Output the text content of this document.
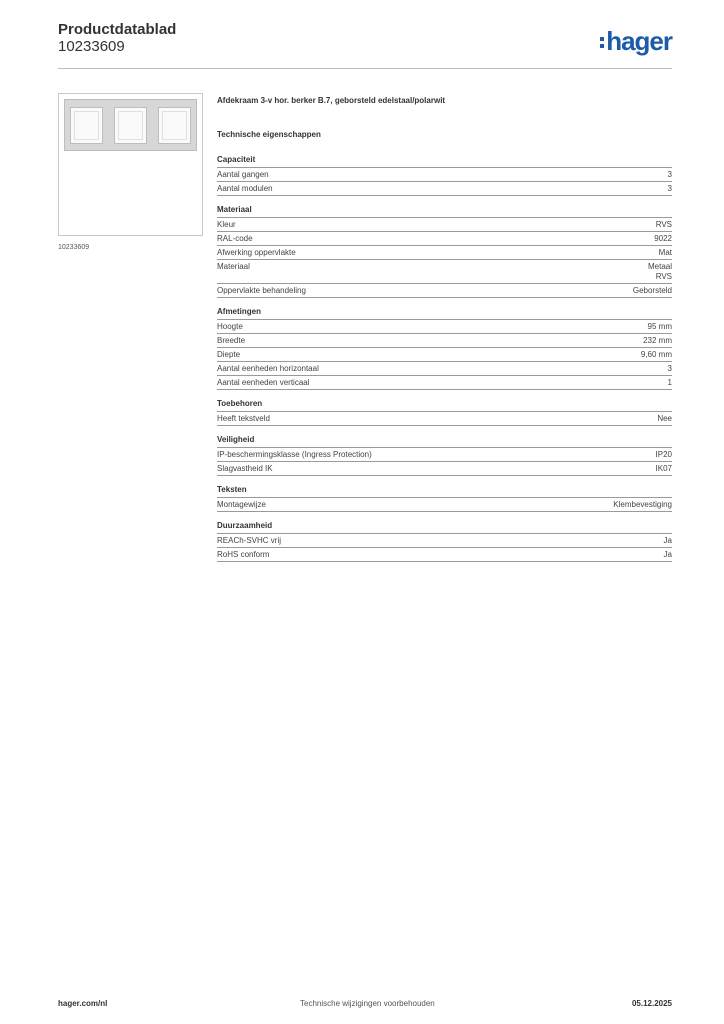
Productdatablad
10233609	hager
10233609
Afdekraam 3-v hor. berker B.7, geborsteld edelstaal/polarwit
Technische eigenschappen
Capaciteit
Aantal gangen	3
Aantal modulen	3
Materiaal
Kleur	RVS
RAL-code	9022
Afwerking oppervlakte	Mat
Materiaal	Metaal
RVS
Oppervlakte behandeling	Geborsteld
Afmetingen
Hoogte	95 mm
Breedte	232 mm
Diepte	9,60 mm
Aantal eenheden horizontaal	3
Aantal eenheden verticaal	1
Toebehoren
Heeft tekstveld	Nee
Veiligheid
IP-beschermingsklasse (Ingress Protection)	IP20
Slagvastheid IK	IK07
Teksten
Montagewijze	Klembevestiging
Duurzaamheid
REACh-SVHC vrij	Ja
RoHS conform	Ja
hager.com/nl	Technische wijzigingen voorbehouden	05.12.2025
